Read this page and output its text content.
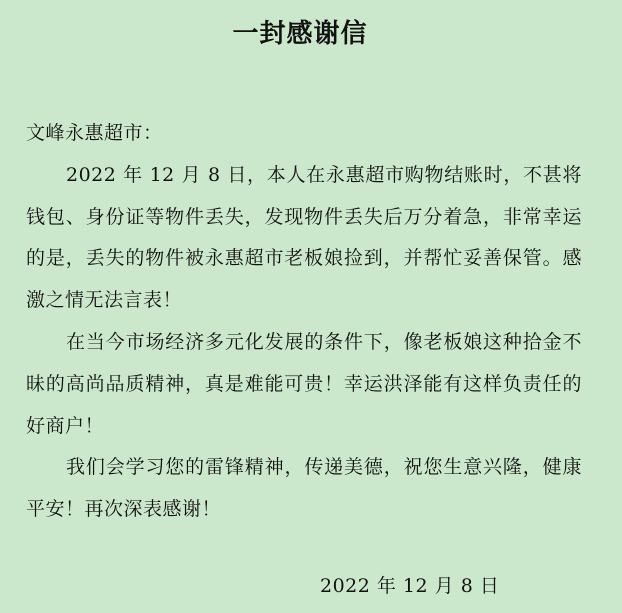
一封感谢信

文峰永惠超市：

2022 年 12 月 8 日，本人在永惠超市购物结账时，不甚将钱包、身份证等物件丢失，发现物件丢失后万分着急，非常幸运的是，丢失的物件被永惠超市老板娘捡到，并帮忙妥善保管。感激之情无法言表！

在当今市场经济多元化发展的条件下，像老板娘这种拾金不昧的高尚品质精神，真是难能可贵！幸运洪泽能有这样负责任的好商户！

我们会学习您的雷锋精神，传递美德，祝您生意兴隆，健康平安！再次深表感谢！

2022 年 12 月 8 日
